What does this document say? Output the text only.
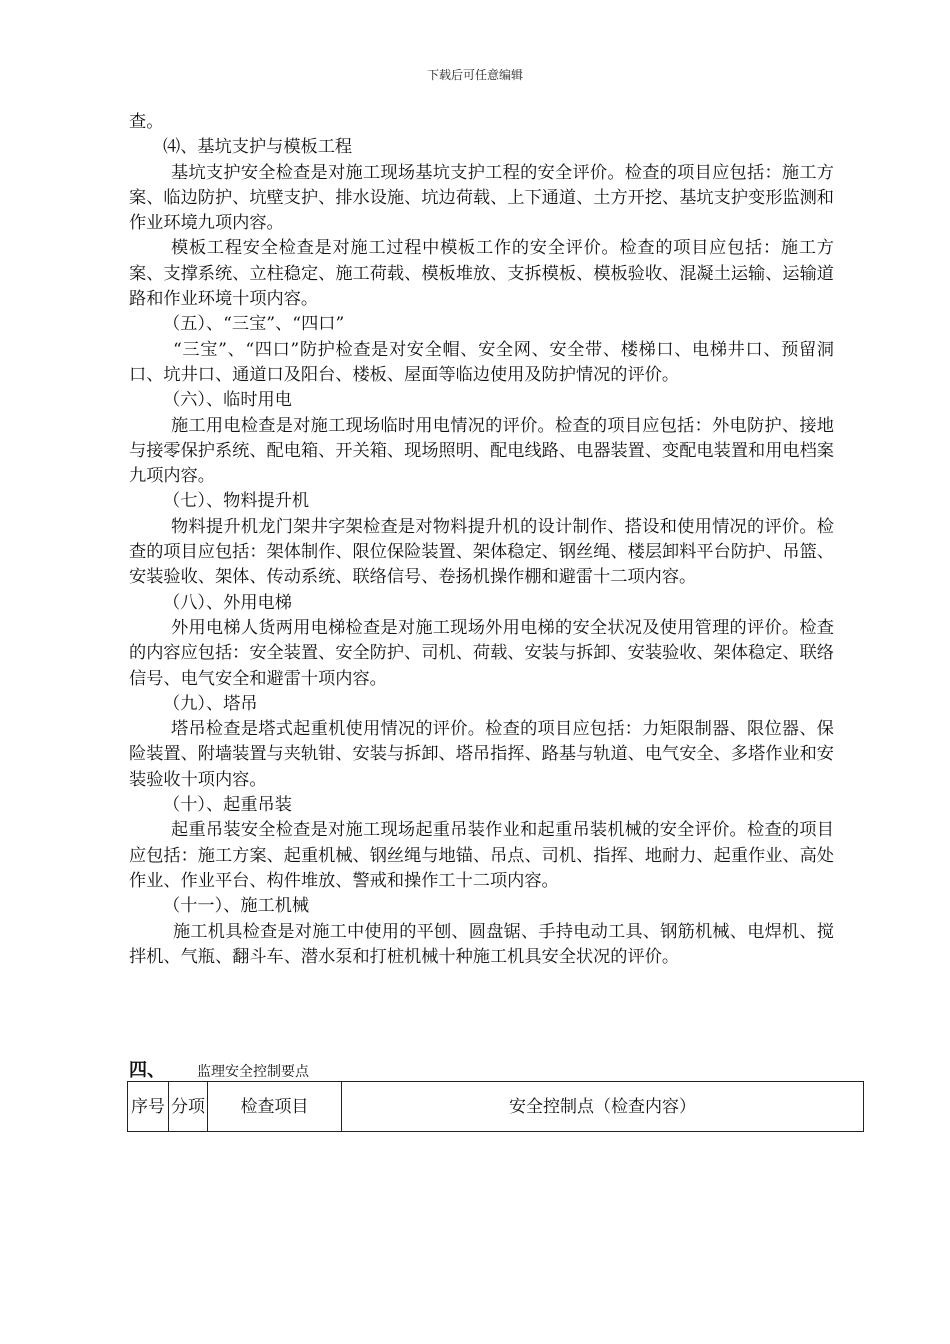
下载后可任意编辑

查。

⑷、基坑支护与模板工程

基坑支护安全检查是对施工现场基坑支护工程的安全评价。检查的项目应包括：施工方案、临边防护、坑壁支护、排水设施、坑边荷载、上下通道、土方开挖、基坑支护变形监测和作业环境九项内容。

模板工程安全检查是对施工过程中模板工作的安全评价。检查的项目应包括：施工方案、支撑系统、立柱稳定、施工荷载、模板堆放、支拆模板、模板验收、混凝土运输、运输道路和作业环境十项内容。

（五）、“三宝”、“四口”

“三宝”、“四口”防护检查是对安全帽、安全网、安全带、楼梯口、电梯井口、预留洞口、坑井口、通道口及阳台、楼板、屋面等临边使用及防护情况的评价。

（六）、临时用电

施工用电检查是对施工现场临时用电情况的评价。检查的项目应包括：外电防护、接地与接零保护系统、配电箱、开关箱、现场照明、配电线路、电器装置、变配电装置和用电档案九项内容。

（七）、物料提升机

物料提升机龙门架井字架检查是对物料提升机的设计制作、搭设和使用情况的评价。检查的项目应包括：架体制作、限位保险装置、架体稳定、钢丝绳、楼层卸料平台防护、吊篮、安装验收、架体、传动系统、联络信号、卷扬机操作棚和避雷十二项内容。

（八）、外用电梯

外用电梯人货两用电梯检查是对施工现场外用电梯的安全状况及使用管理的评价。检查的内容应包括：安全装置、安全防护、司机、荷载、安装与拆卸、安装验收、架体稳定、联络信号、电气安全和避雷十项内容。

（九）、塔吊

塔吊检查是塔式起重机使用情况的评价。检查的项目应包括：力矩限制器、限位器、保险装置、附墙装置与夹轨钳、安装与拆卸、塔吊指挥、路基与轨道、电气安全、多塔作业和安装验收十项内容。

（十）、起重吊装

起重吊装安全检查是对施工现场起重吊装作业和起重吊装机械的安全评价。检查的项目应包括：施工方案、起重机械、钢丝绳与地锚、吊点、司机、指挥、地耐力、起重作业、高处作业、作业平台、构件堆放、警戒和操作工十二项内容。

（十一）、施工机械

施工机具检查是对施工中使用的平刨、圆盘锯、手持电动工具、钢筋机械、电焊机、搅拌机、气瓶、翻斗车、潜水泵和打桩机械十种施工机具安全状况的评价。

四、 监理安全控制要点
序号	分项	检查项目	安全控制点（检查内容）
